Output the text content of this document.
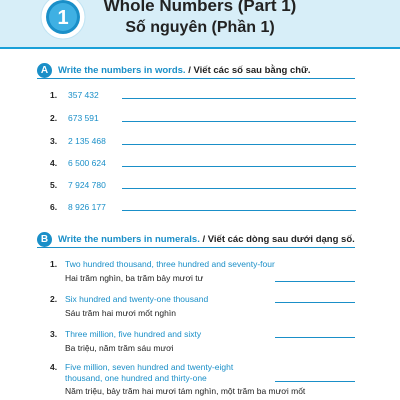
1
Whole Numbers (Part 1)
Số nguyên (Phần 1)
A	Write the numbers in words. / Viết các số sau bằng chữ.
1. 357 432
2. 673 591
3. 2 135 468
4. 6 500 624
5. 7 924 780
6. 8 926 177
B	Write the numbers in numerals. / Viết các dòng sau dưới dạng số.
1. Two hundred thousand, three hundred and seventy-four
Hai trăm nghìn, ba trăm bảy mươi tư
2. Six hundred and twenty-one thousand
Sáu trăm hai mươi mốt nghìn
3. Three million, five hundred and sixty
Ba triệu, năm trăm sáu mươi
4. Five million, seven hundred and twenty-eight
thousand, one hundred and thirty-one
Năm triệu, bảy trăm hai mươi tám nghìn, một trăm ba mươi mốt
